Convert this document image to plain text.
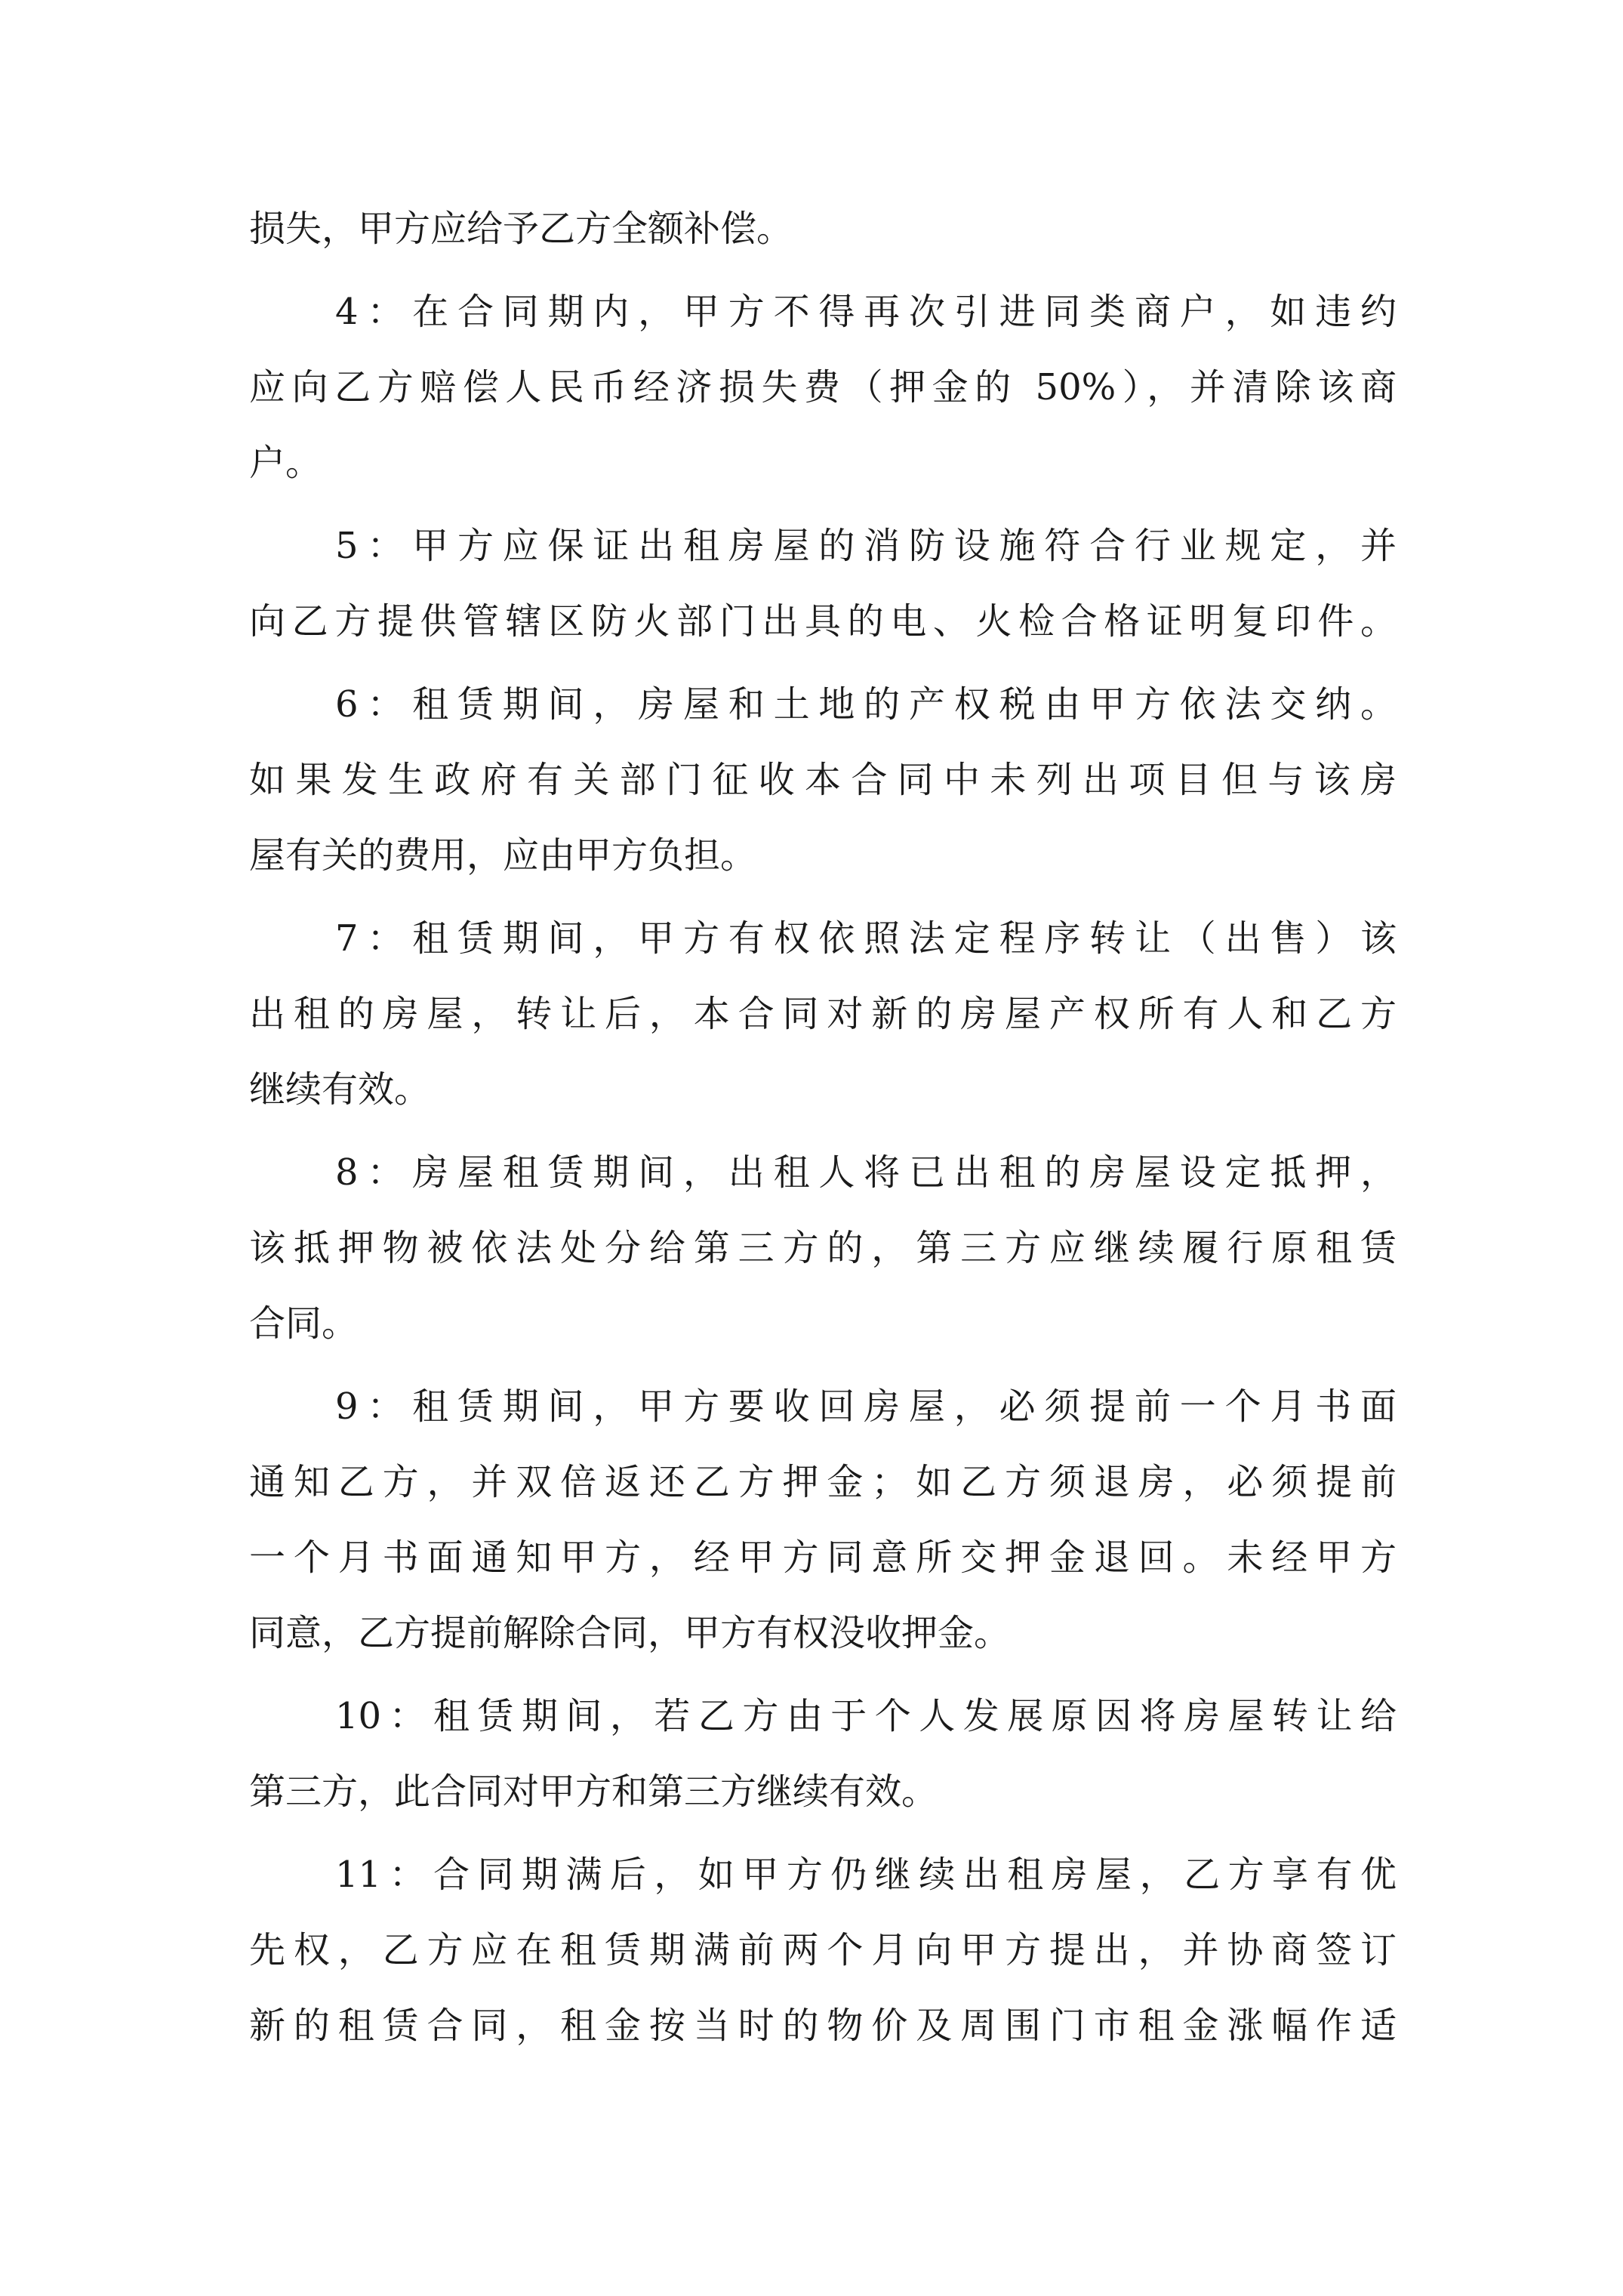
损失，甲方应给予乙方全额补偿。
4：在合同期内，甲方不得再次引进同类商户，如违约
应向乙方赔偿人民币经济损失费（押金的 50%），并清除该商
户。
5：甲方应保证出租房屋的消防设施符合行业规定，并
向乙方提供管辖区防火部门出具的电、火检合格证明复印件。
6：租赁期间，房屋和土地的产权税由甲方依法交纳。
如果发生政府有关部门征收本合同中未列出项目但与该房
屋有关的费用，应由甲方负担。
7：租赁期间，甲方有权依照法定程序转让（出售）该
出租的房屋，转让后，本合同对新的房屋产权所有人和乙方
继续有效。
8：房屋租赁期间，出租人将已出租的房屋设定抵押，
该抵押物被依法处分给第三方的，第三方应继续履行原租赁
合同。
9：租赁期间，甲方要收回房屋，必须提前一个月书面
通知乙方，并双倍返还乙方押金；如乙方须退房，必须提前
一个月书面通知甲方，经甲方同意所交押金退回。未经甲方
同意，乙方提前解除合同，甲方有权没收押金。
10：租赁期间，若乙方由于个人发展原因将房屋转让给
第三方，此合同对甲方和第三方继续有效。
11：合同期满后，如甲方仍继续出租房屋，乙方享有优
先权，乙方应在租赁期满前两个月向甲方提出，并协商签订
新的租赁合同，租金按当时的物价及周围门市租金涨幅作适
